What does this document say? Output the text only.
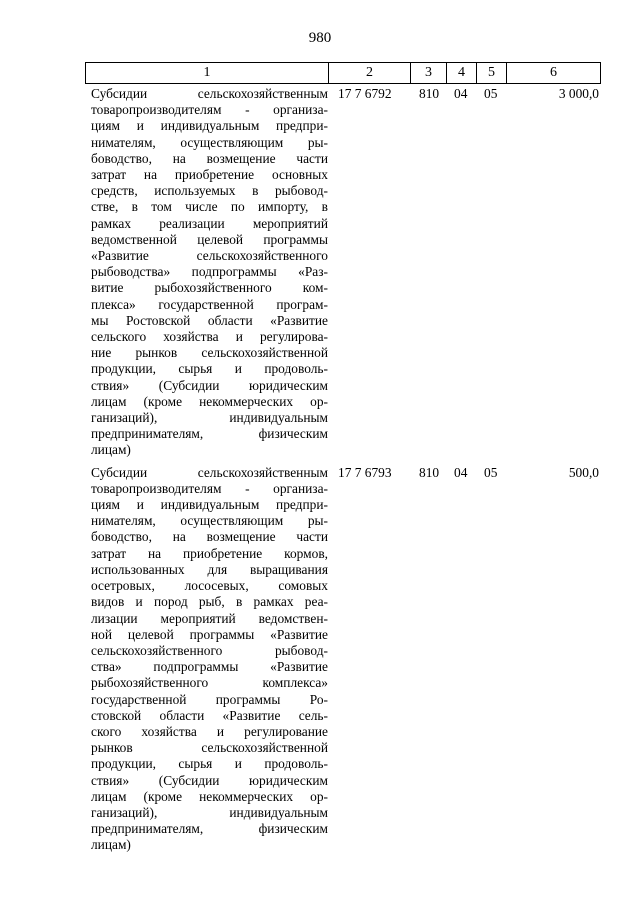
980
1	2	3	4	5	6
Субсидии сельскохозяйственным
товаропроизводителям - организа-
циям и индивидуальным предпри-
нимателям, осуществляющим ры-
боводство, на возмещение части
затрат на приобретение основных
средств, используемых в рыбовод-
стве, в том числе по импорту, в
рамках реализации мероприятий
ведомственной целевой программы
«Развитие сельскохозяйственного
рыбоводства» подпрограммы «Раз-
витие рыбохозяйственного ком-
плекса» государственной програм-
мы Ростовской области «Развитие
сельского хозяйства и регулирова-
ние рынков сельскохозяйственной
продукции, сырья и продоволь-
ствия» (Субсидии юридическим
лицам (кроме некоммерческих ор-
ганизаций), индивидуальным
предпринимателям, физическим
лицам)
17 7 6792	810	04	05	3 000,0
Субсидии сельскохозяйственным
товаропроизводителям - организа-
циям и индивидуальным предпри-
нимателям, осуществляющим ры-
боводство, на возмещение части
затрат на приобретение кормов,
использованных для выращивания
осетровых, лососевых, сомовых
видов и пород рыб, в рамках реа-
лизации мероприятий ведомствен-
ной целевой программы «Развитие
сельскохозяйственного рыбовод-
ства» подпрограммы «Развитие
рыбохозяйственного комплекса»
государственной программы Ро-
стовской области «Развитие сель-
ского хозяйства и регулирование
рынков сельскохозяйственной
продукции, сырья и продоволь-
ствия» (Субсидии юридическим
лицам (кроме некоммерческих ор-
ганизаций), индивидуальным
предпринимателям, физическим
лицам)
17 7 6793	810	04	05	500,0
